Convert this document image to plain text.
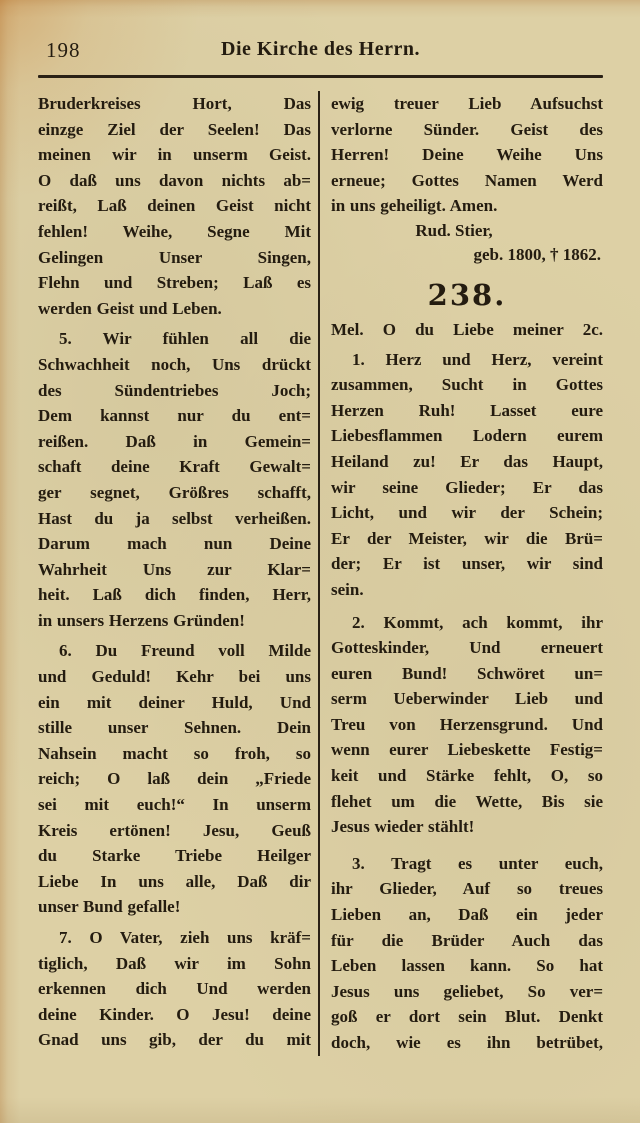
198	Die Kirche des Herrn.
Bruderkreises Hort, Das
einzge Ziel der Seelen! Das
meinen wir in unserm Geist.
O daß uns davon nichts ab=
reißt, Laß deinen Geist nicht
fehlen! Weihe, Segne Mit
Gelingen Unser Singen,
Flehn und Streben; Laß es
werden Geist und Leben.
5. Wir fühlen all die
Schwachheit noch, Uns drückt
des Sündentriebes Joch;
Dem kannst nur du ent=
reißen. Daß in Gemein=
schaft deine Kraft Gewalt=
ger segnet, Größres schafft,
Hast du ja selbst verheißen.
Darum mach nun Deine
Wahrheit Uns zur Klar=
heit. Laß dich finden, Herr,
in unsers Herzens Gründen!
6. Du Freund voll Milde
und Geduld! Kehr bei uns
ein mit deiner Huld, Und
stille unser Sehnen. Dein
Nahsein macht so froh, so
reich; O laß dein „Friede
sei mit euch!“ In unserm
Kreis ertönen! Jesu, Geuß
du Starke Triebe Heilger
Liebe In uns alle, Daß dir
unser Bund gefalle!
7. O Vater, zieh uns kräf=
tiglich, Daß wir im Sohn
erkennen dich Und werden
deine Kinder. O Jesu! deine
Gnad uns gib, der du mit
ewig treuer Lieb Aufsuchst
verlorne Sünder. Geist des
Herren! Deine Weihe Uns
erneue; Gottes Namen Werd
in uns geheiligt. Amen.
Rud. Stier,
geb. 1800, † 1862.
238.
Mel. O du Liebe meiner 2c.
1. Herz und Herz, vereint
zusammen, Sucht in Gottes
Herzen Ruh! Lasset eure
Liebesflammen Lodern eurem
Heiland zu! Er das Haupt,
wir seine Glieder; Er das
Licht, und wir der Schein;
Er der Meister, wir die Brü=
der; Er ist unser, wir sind
sein.
2. Kommt, ach kommt, ihr
Gotteskinder, Und erneuert
euren Bund! Schwöret un=
serm Ueberwinder Lieb und
Treu von Herzensgrund. Und
wenn eurer Liebeskette Festig=
keit und Stärke fehlt, O, so
flehet um die Wette, Bis sie
Jesus wieder stählt!
3. Tragt es unter euch,
ihr Glieder, Auf so treues
Lieben an, Daß ein jeder
für die Brüder Auch das
Leben lassen kann. So hat
Jesus uns geliebet, So ver=
goß er dort sein Blut. Denkt
doch, wie es ihn betrübet,
